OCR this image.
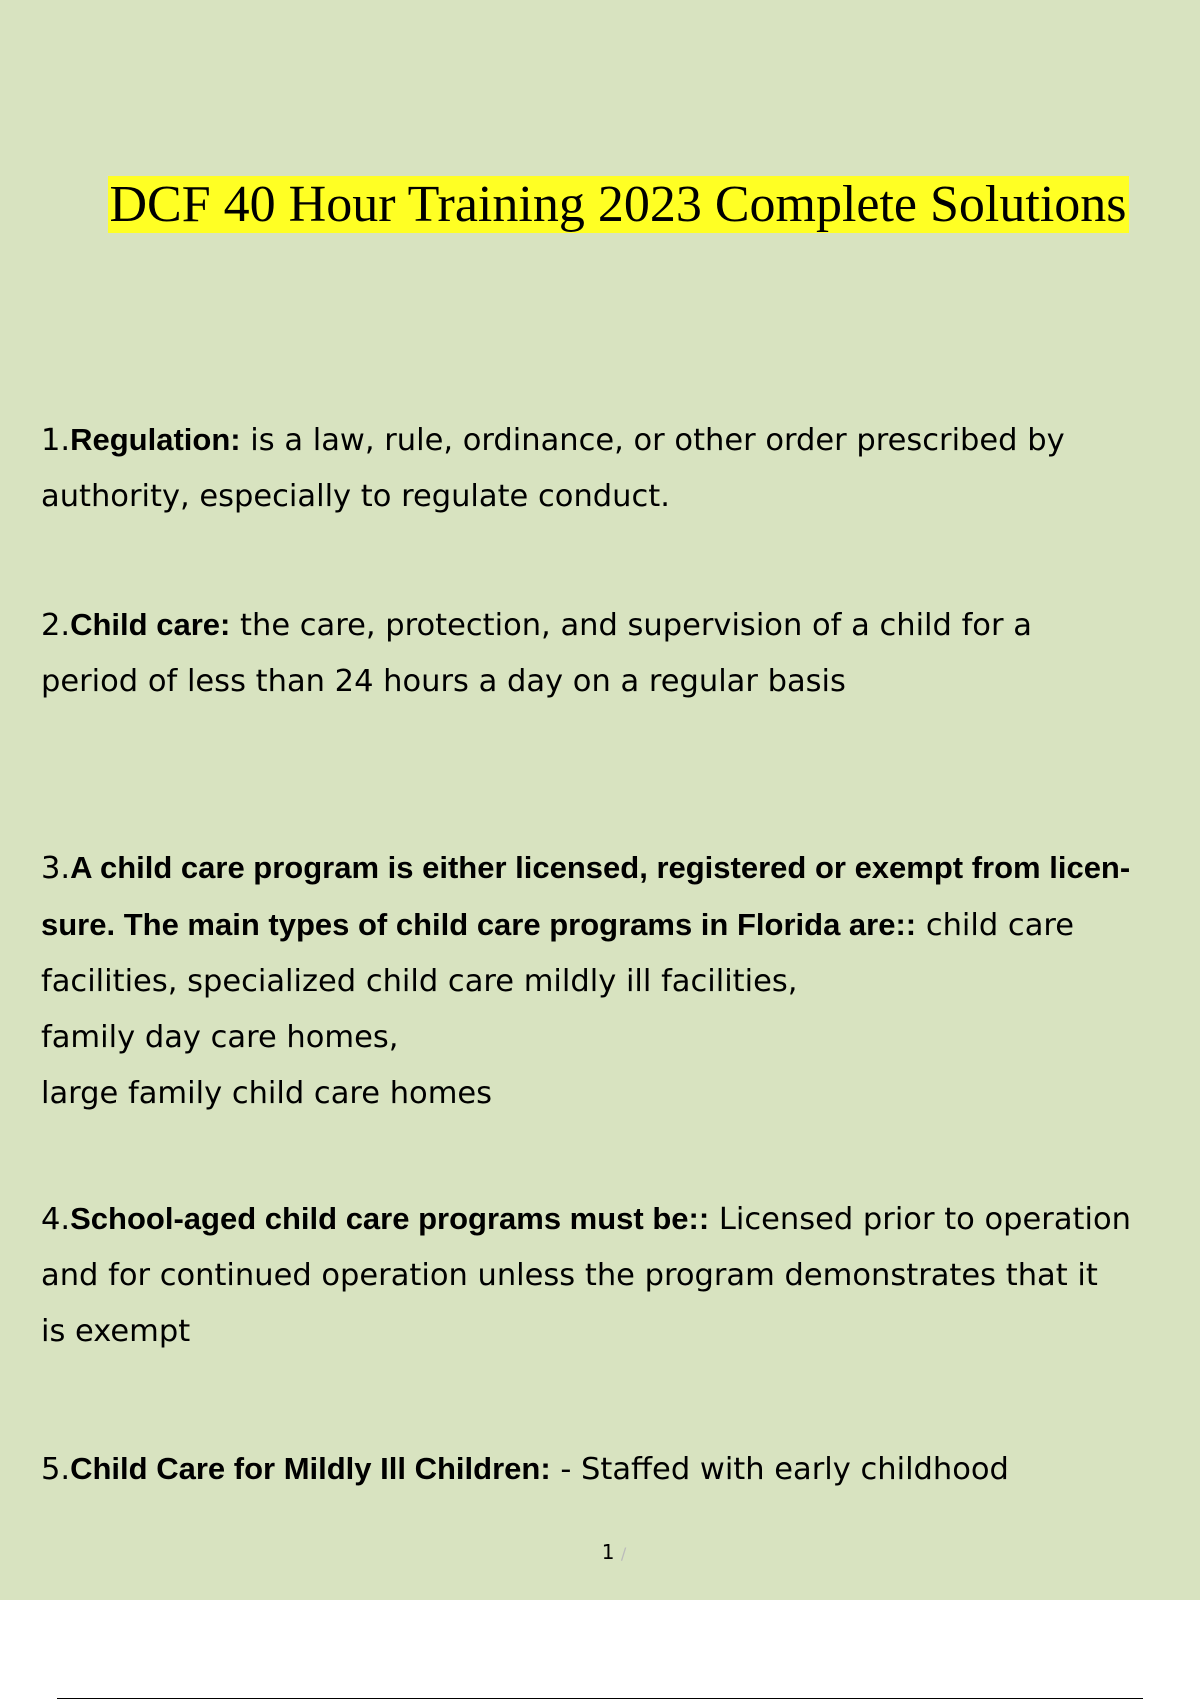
DCF 40 Hour Training 2023 Complete Solutions
1.Regulation: is a law, rule, ordinance, or other order prescribed by
authority, especially to regulate conduct.
2.Child care: the care, protection, and supervision of a child for a
period of less than 24 hours a day on a regular basis
3.A child care program is either licensed, registered or exempt from licen-
sure. The main types of child care programs in Florida are:: child care
facilities, specialized child care mildly ill facilities,
family day care homes,
large family child care homes
4.School-aged child care programs must be:: Licensed prior to operation
and for continued operation unless the program demonstrates that it
is exempt
5.Child Care for Mildly Ill Children: - Staffed with early childhood
1 /
